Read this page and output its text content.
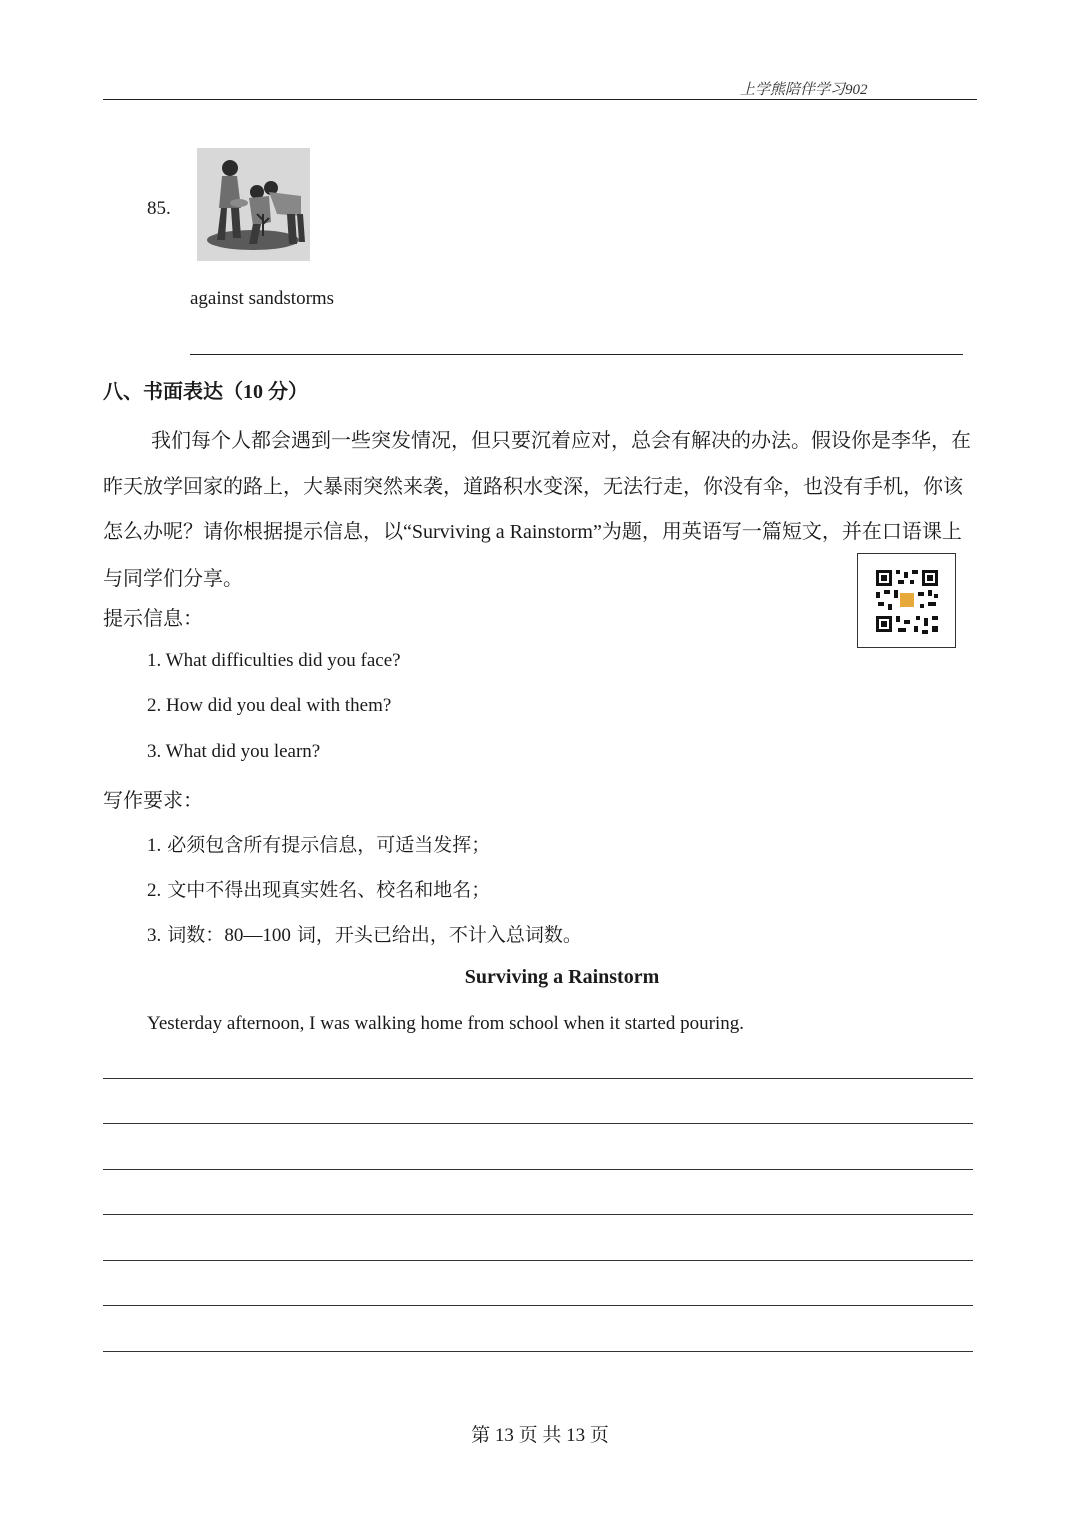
上学熊陪伴学习902
85.
against sandstorms
八、书面表达（10 分）

我们每个人都会遇到一些突发情况，但只要沉着应对，总会有解决的办法。假设你是李华，在昨天放学回家的路上，大暴雨突然来袭，道路积水变深，无法行走，你没有伞，也没有手机，你该怎么办呢？请你根据提示信息，以“Surviving a Rainstorm”为题，用英语写一篇短文，并在口语课上与同学们分享。

提示信息：
1. What difficulties did you face?
2. How did you deal with them?
3. What did you learn?
写作要求：
1. 必须包含所有提示信息，可适当发挥；
2. 文中不得出现真实姓名、校名和地名；
3. 词数：80—100 词，开头已给出，不计入总词数。
Surviving a Rainstorm
Yesterday afternoon, I was walking home from school when it started pouring.
第 13 页 共 13 页
